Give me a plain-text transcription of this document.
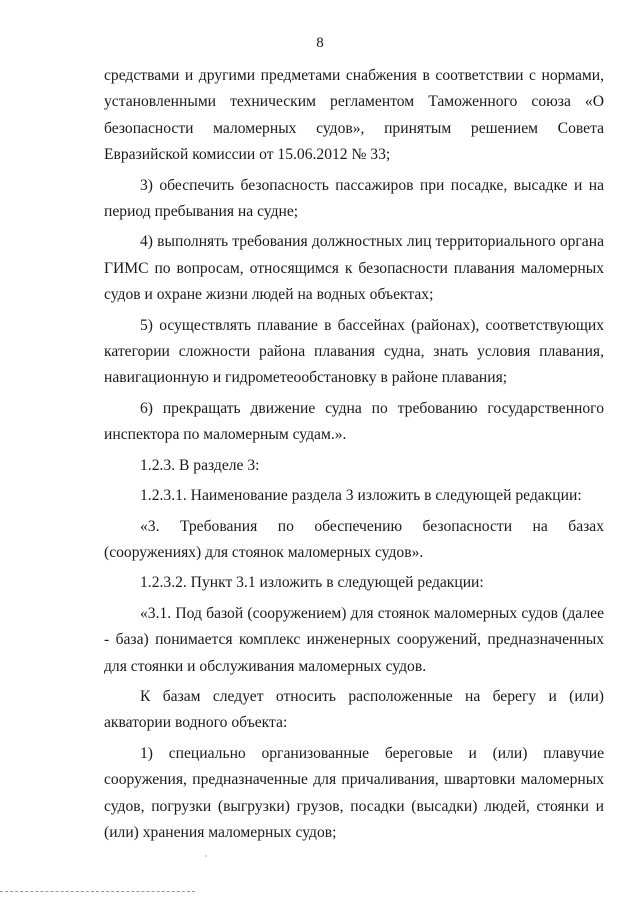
8

средствами и другими предметами снабжения в соответствии с нормами, установленными техническим регламентом Таможенного союза «О безопасности маломерных судов», принятым решением Совета Евразийской комиссии от 15.06.2012 № 33;

3) обеспечить безопасность пассажиров при посадке, высадке и на период пребывания на судне;

4) выполнять требования должностных лиц территориального органа ГИМС по вопросам, относящимся к безопасности плавания маломерных судов и охране жизни людей на водных объектах;

5) осуществлять плавание в бассейнах (районах), соответствующих категории сложности района плавания судна, знать условия плавания, навигационную и гидрометеообстановку в районе плавания;

6) прекращать движение судна по требованию государственного инспектора по маломерным судам.».

1.2.3. В разделе 3:

1.2.3.1. Наименование раздела 3 изложить в следующей редакции:

«3. Требования по обеспечению безопасности на базах (сооружениях) для стоянок маломерных судов».

1.2.3.2. Пункт 3.1 изложить в следующей редакции:

«3.1. Под базой (сооружением) для стоянок маломерных судов (далее - база) понимается комплекс инженерных сооружений, предназначенных для стоянки и обслуживания маломерных судов.

К базам следует относить расположенные на берегу и (или) акватории водного объекта:

1) специально организованные береговые и (или) плавучие сооружения, предназначенные для причаливания, швартовки маломерных судов, погрузки (выгрузки) грузов, посадки (высадки) людей, стоянки и (или) хранения маломерных судов;
